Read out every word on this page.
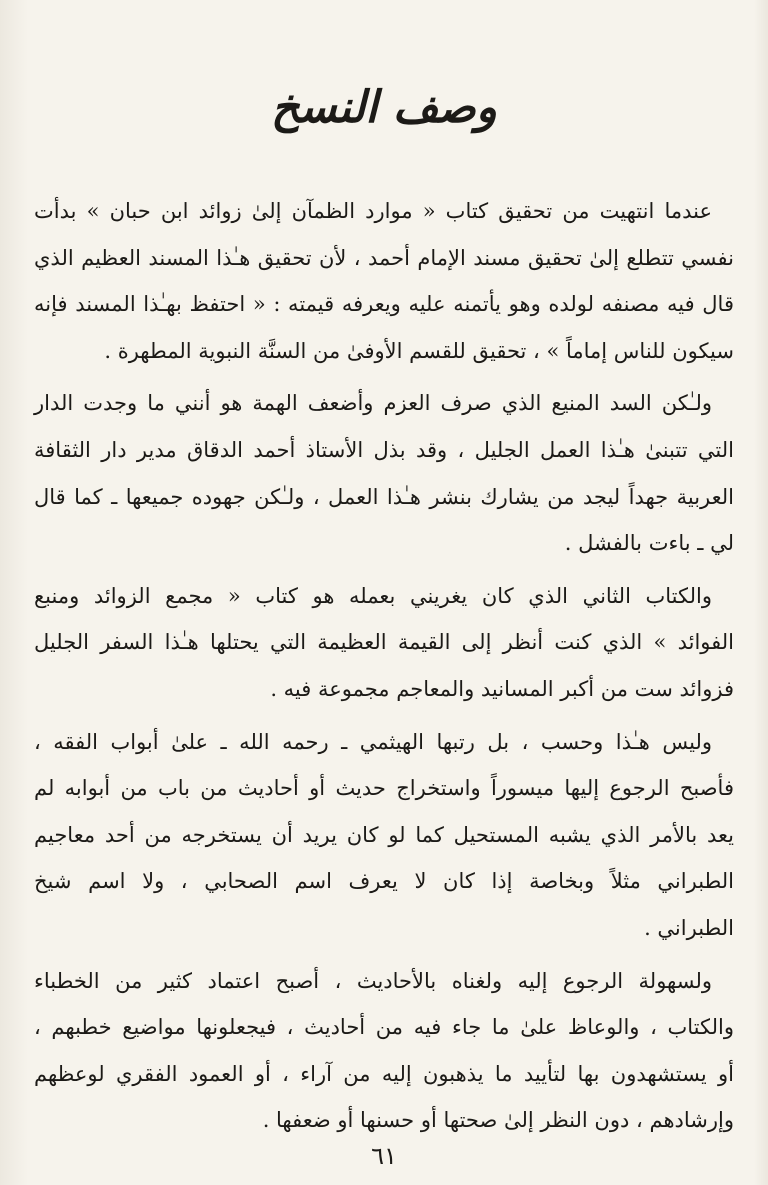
وصف النسخ

عندما انتهيت من تحقيق كتاب « موارد الظمآن إلىٰ زوائد ابن حبان » بدأت
نفسي تتطلع إلىٰ تحقيق مسند الإمام أحمد ، لأن تحقيق هـٰذا المسند العظيم الذي
قال فيه مصنفه لولده وهو يأتمنه عليه ويعرفه قيمته : « احتفظ بهـٰذا المسند فإنه
سيكون للناس إماماً » ، تحقيق للقسم الأوفىٰ من السنَّة النبوية المطهرة .

ولـٰكن السد المنيع الذي صرف العزم وأضعف الهمة هو أنني ما وجدت الدار
التي تتبنىٰ هـٰذا العمل الجليل ، وقد بذل الأستاذ أحمد الدقاق مدير دار الثقافة
العربية جهداً ليجد من يشارك بنشر هـٰذا العمل ، ولـٰكن جهوده جميعها ـ كما قال
لي ـ باءت بالفشل .

والكتاب الثاني الذي كان يغريني بعمله هو كتاب « مجمع الزوائد ومنبع
الفوائد » الذي كنت أنظر إلى القيمة العظيمة التي يحتلها هـٰذا السفر الجليل
فزوائد ست من أكبر المسانيد والمعاجم مجموعة فيه .

وليس هـٰذا وحسب ، بل رتبها الهيثمي ـ رحمه الله ـ علىٰ أبواب الفقه ،
فأصبح الرجوع إليها ميسوراً واستخراج حديث أو أحاديث من باب من أبوابه لم
يعد بالأمر الذي يشبه المستحيل كما لو كان يريد أن يستخرجه من أحد معاجيم
الطبراني مثلاً وبخاصة إذا كان لا يعرف اسم الصحابي ، ولا اسم شيخ
الطبراني .

ولسهولة الرجوع إليه ولغناه بالأحاديث ، أصبح اعتماد كثير من الخطباء
والكتاب ، والوعاظ علىٰ ما جاء فيه من أحاديث ، فيجعلونها مواضيع خطبهم ،
أو يستشهدون بها لتأييد ما يذهبون إليه من آراء ، أو العمود الفقري لوعظهم
وإرشادهم ، دون النظر إلىٰ صحتها أو حسنها أو ضعفها .

٦١
